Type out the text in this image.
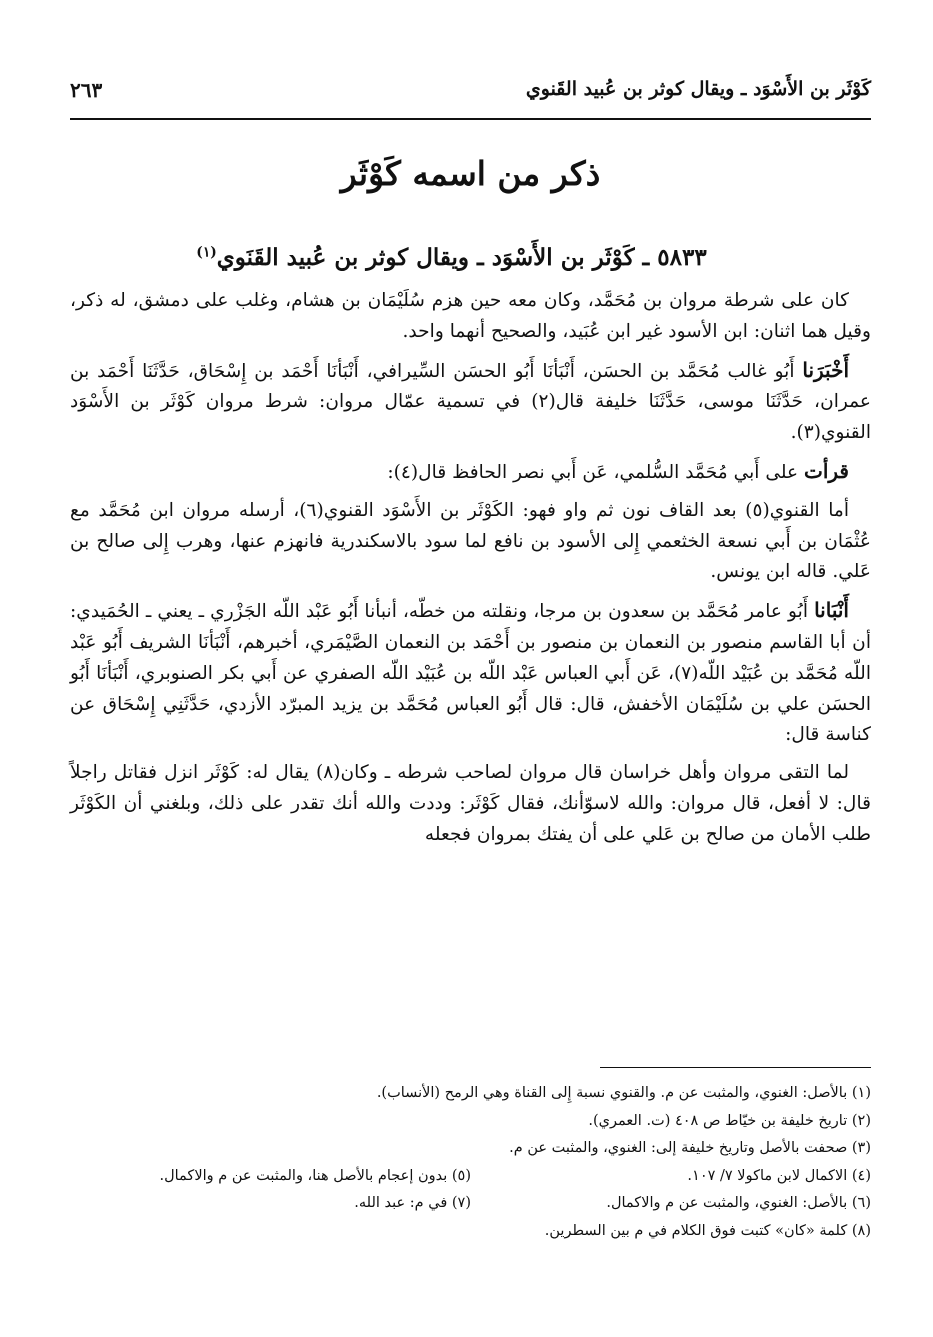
كَوْثَر بن الأَسْوَد ـ ويقال كوثر بن عُبيد القَنوي
٢٦٣
ذكر من اسمه كَوْثَر
٥٨٣٣ ـ كَوْثَر بن الأَسْوَد ـ ويقال كوثر بن عُبيد القَنَوي$^{(١)}$

كان على شرطة مروان بن مُحَمَّد، وكان معه حين هزم سُلَيْمَان بن هشام، وغلب على دمشق، له ذكر، وقيل هما اثنان: ابن الأسود غير ابن عُبَيد، والصحيح أنهما واحد.

أَخْبَرَنا أَبُو غالب مُحَمَّد بن الحسَن، أَنْبَأنَا أَبُو الحسَن السِّيرافي، أَنْبَأنَا أَحْمَد بن إِسْحَاق، حَدَّثَنَا أَحْمَد بن عمران، حَدَّثَنَا موسى، حَدَّثَنَا خليفة قال(٢) في تسمية عمّال مروان: شرط مروان كَوْثَر بن الأَسْوَد القنوي(٣).

قرأت على أَبي مُحَمَّد السُّلمي، عَن أَبي نصر الحافظ قال(٤):

أما القنوي(٥) بعد القاف نون ثم واو فهو: الكَوْثَر بن الأَسْوَد القنوي(٦)، أرسله مروان ابن مُحَمَّد مع عُثْمَان بن أَبي نسعة الخثعمي إِلى الأسود بن نافع لما سود بالاسكندرية فانهزم عنها، وهرب إِلى صالح بن عَلي. قاله ابن يونس.

أَنْبَانا أَبُو عامر مُحَمَّد بن سعدون بن مرجا، ونقلته من خطّه، أنبأنا أَبُو عَبْد اللّه الجَزْري ـ يعني ـ الحُمَيدي: أن أبا القاسم منصور بن النعمان بن منصور بن أَحْمَد بن النعمان الصَّيْمَري، أخبرهم، أَنْبَأنَا الشريف أَبُو عَبْد اللّه مُحَمَّد بن عُبَيْد اللّه(٧)، عَن أَبي العباس عَبْد اللّه بن عُبَيْد اللّه الصفري عن أَبي بكر الصنوبري، أَنْبَأنَا أَبُو الحسَن علي بن سُلَيْمَان الأخفش، قال: قال أَبُو العباس مُحَمَّد بن يزيد المبرّد الأزدي، حَدَّثَنِي إِسْحَاق عن كناسة قال:

لما التقى مروان وأهل خراسان قال مروان لصاحب شرطه ـ وكان(٨) يقال له: كَوْثَر انزل فقاتل راجلاً قال: لا أفعل، قال مروان: والله لاسوّأنك، فقال كَوْثَر: وددت والله أنك تقدر على ذلك، وبلغني أن الكَوْثَر طلب الأمان من صالح بن عَلي على أن يفتك بمروان فجعله

(١) بالأصل: الغنوي، والمثبت عن م. والقنوي نسبة إِلى القناة وهي الرمح (الأنساب).
(٢) تاريخ خليفة بن خيّاط ص ٤٠٨ (ت. العمري).
(٣) صحفت بالأصل وتاريخ خليفة إلى: الغنوي، والمثبت عن م.
(٤) الاكمال لابن ماكولا ٧/ ١٠٧.
(٥) بدون إعجام بالأصل هنا، والمثبت عن م والاكمال.
(٦) بالأصل: الغنوي، والمثبت عن م والاكمال.
(٧) في م: عبد الله.
(٨) كلمة «كان» كتبت فوق الكلام في م بين السطرين.
